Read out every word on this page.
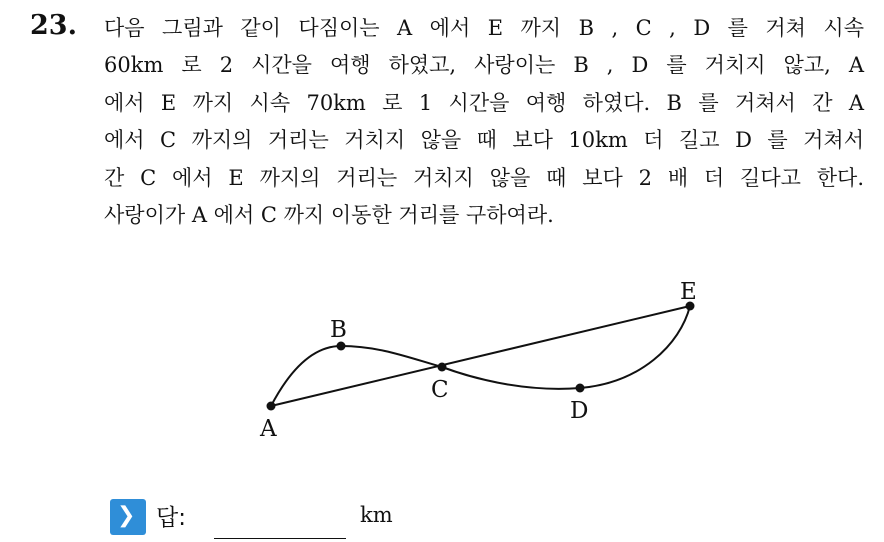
23. 다음 그림과 같이 다짐이는 A 에서 E 까지 B , C , D 를 거쳐 시속
60km 로 2 시간을 여행 하였고, 사랑이는 B , D 를 거치지 않고, A
에서 E 까지 시속 70km 로 1 시간을 여행 하였다. B 를 거쳐서 간 A
에서 C 까지의 거리는 거치지 않을 때 보다 10km 더 길고 D 를 거쳐서
간 C 에서 E 까지의 거리는 거치지 않을 때 보다 2 배 더 길다고 한다.
사랑이가 A 에서 C 까지 이동한 거리를 구하여라.
A
B
C
D
E
❯ 답:	km
